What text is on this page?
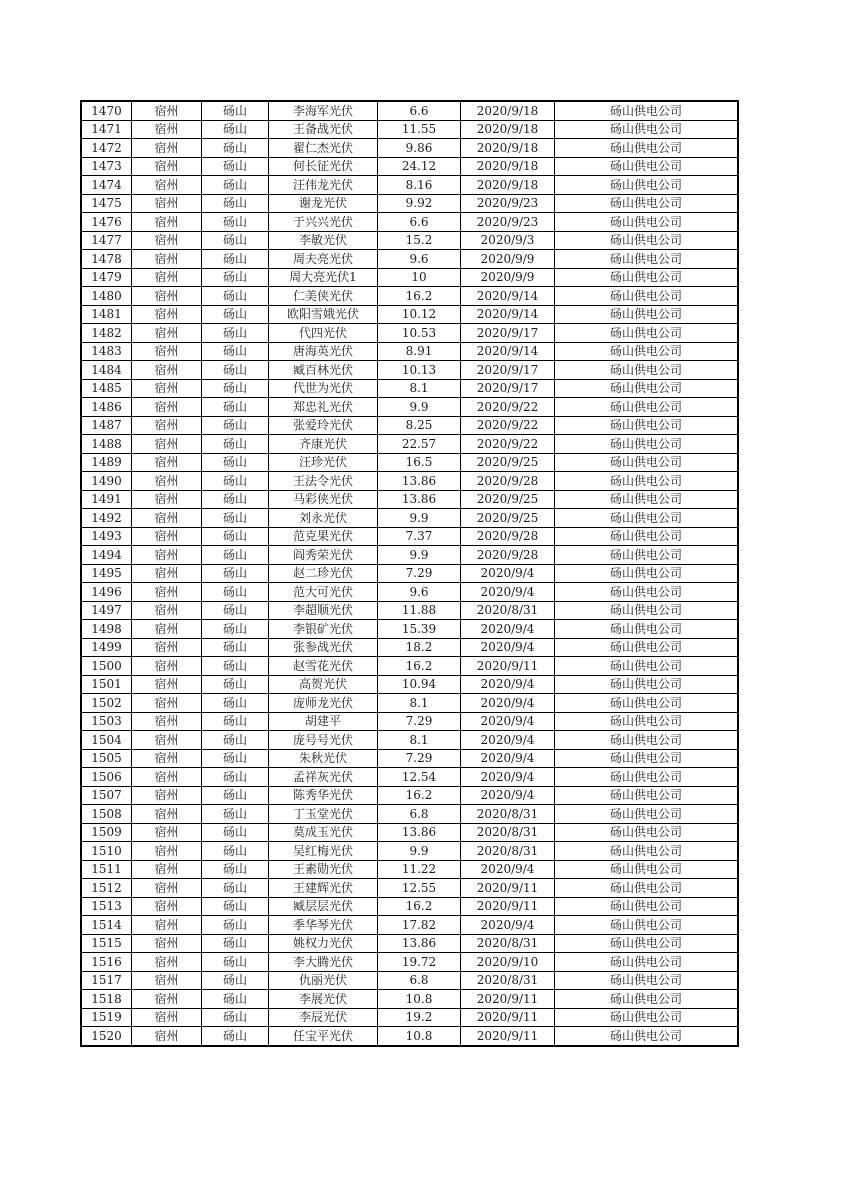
1470	宿州	砀山	李海军光伏	6.6	2020/9/18	砀山供电公司
1471	宿州	砀山	王备战光伏	11.55	2020/9/18	砀山供电公司
1472	宿州	砀山	翟仁杰光伏	9.86	2020/9/18	砀山供电公司
1473	宿州	砀山	何长征光伏	24.12	2020/9/18	砀山供电公司
1474	宿州	砀山	汪伟龙光伏	8.16	2020/9/18	砀山供电公司
1475	宿州	砀山	谢龙光伏	9.92	2020/9/23	砀山供电公司
1476	宿州	砀山	于兴兴光伏	6.6	2020/9/23	砀山供电公司
1477	宿州	砀山	李敏光伏	15.2	2020/9/3	砀山供电公司
1478	宿州	砀山	周夫亮光伏	9.6	2020/9/9	砀山供电公司
1479	宿州	砀山	周大亮光伏1	10	2020/9/9	砀山供电公司
1480	宿州	砀山	仁美侠光伏	16.2	2020/9/14	砀山供电公司
1481	宿州	砀山	欧阳雪娥光伏	10.12	2020/9/14	砀山供电公司
1482	宿州	砀山	代四光伏	10.53	2020/9/17	砀山供电公司
1483	宿州	砀山	唐海英光伏	8.91	2020/9/14	砀山供电公司
1484	宿州	砀山	臧百林光伏	10.13	2020/9/17	砀山供电公司
1485	宿州	砀山	代世为光伏	8.1	2020/9/17	砀山供电公司
1486	宿州	砀山	郑忠礼光伏	9.9	2020/9/22	砀山供电公司
1487	宿州	砀山	张爱玲光伏	8.25	2020/9/22	砀山供电公司
1488	宿州	砀山	齐康光伏	22.57	2020/9/22	砀山供电公司
1489	宿州	砀山	汪珍光伏	16.5	2020/9/25	砀山供电公司
1490	宿州	砀山	王法令光伏	13.86	2020/9/28	砀山供电公司
1491	宿州	砀山	马彩侠光伏	13.86	2020/9/25	砀山供电公司
1492	宿州	砀山	刘永光伏	9.9	2020/9/25	砀山供电公司
1493	宿州	砀山	范克果光伏	7.37	2020/9/28	砀山供电公司
1494	宿州	砀山	阎秀荣光伏	9.9	2020/9/28	砀山供电公司
1495	宿州	砀山	赵二珍光伏	7.29	2020/9/4	砀山供电公司
1496	宿州	砀山	范大可光伏	9.6	2020/9/4	砀山供电公司
1497	宿州	砀山	李超顺光伏	11.88	2020/8/31	砀山供电公司
1498	宿州	砀山	李银矿光伏	15.39	2020/9/4	砀山供电公司
1499	宿州	砀山	张参战光伏	18.2	2020/9/4	砀山供电公司
1500	宿州	砀山	赵雪花光伏	16.2	2020/9/11	砀山供电公司
1501	宿州	砀山	高贺光伏	10.94	2020/9/4	砀山供电公司
1502	宿州	砀山	庞师龙光伏	8.1	2020/9/4	砀山供电公司
1503	宿州	砀山	胡建平	7.29	2020/9/4	砀山供电公司
1504	宿州	砀山	庞号号光伏	8.1	2020/9/4	砀山供电公司
1505	宿州	砀山	朱秋光伏	7.29	2020/9/4	砀山供电公司
1506	宿州	砀山	孟祥灰光伏	12.54	2020/9/4	砀山供电公司
1507	宿州	砀山	陈秀华光伏	16.2	2020/9/4	砀山供电公司
1508	宿州	砀山	丁玉堂光伏	6.8	2020/8/31	砀山供电公司
1509	宿州	砀山	莫成玉光伏	13.86	2020/8/31	砀山供电公司
1510	宿州	砀山	吴红梅光伏	9.9	2020/8/31	砀山供电公司
1511	宿州	砀山	王素勋光伏	11.22	2020/9/4	砀山供电公司
1512	宿州	砀山	王建辉光伏	12.55	2020/9/11	砀山供电公司
1513	宿州	砀山	臧层层光伏	16.2	2020/9/11	砀山供电公司
1514	宿州	砀山	季华琴光伏	17.82	2020/9/4	砀山供电公司
1515	宿州	砀山	姚权力光伏	13.86	2020/8/31	砀山供电公司
1516	宿州	砀山	李大腾光伏	19.72	2020/9/10	砀山供电公司
1517	宿州	砀山	仇丽光伏	6.8	2020/8/31	砀山供电公司
1518	宿州	砀山	李展光伏	10.8	2020/9/11	砀山供电公司
1519	宿州	砀山	李辰光伏	19.2	2020/9/11	砀山供电公司
1520	宿州	砀山	任宝平光伏	10.8	2020/9/11	砀山供电公司
